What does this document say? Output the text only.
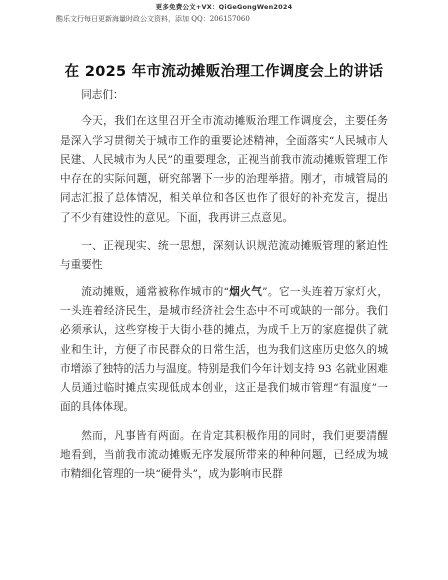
更多免费公文+VX：QiGeGongWen2024
酷乐文行每日更新海量时政公文资料，添加 QQ：206157060
在 2025 年市流动摊贩治理工作调度会上的讲话

同志们：

今天，我们在这里召开全市流动摊贩治理工作调度会，主要任务是深入学习贯彻关于城市工作的重要论述精神，全面落实“人民城市人民建、人民城市为人民”的重要理念，正视当前我市流动摊贩管理工作中存在的实际问题，研究部署下一步的治理举措。刚才，市城管局的同志汇报了总体情况，相关单位和各区也作了很好的补充发言，提出了不少有建设性的意见。下面，我再讲三点意见。

一、正视现实、统一思想，深刻认识规范流动摊贩管理的紧迫性与重要性

流动摊贩，通常被称作城市的“烟火气”。它一头连着万家灯火，一头连着经济民生，是城市经济社会生态中不可或缺的一部分。我们必须承认，这些穿梭于大街小巷的摊点，为成千上万的家庭提供了就业和生计，方便了市民群众的日常生活，也为我们这座历史悠久的城市增添了独特的活力与温度。特别是我们今年计划支持 93 名就业困难人员通过临时摊点实现低成本创业，这正是我们城市管理“有温度”一面的具体体现。

然而，凡事皆有两面。在肯定其积极作用的同时，我们更要清醒地看到，当前我市流动摊贩无序发展所带来的种种问题，已经成为城市精细化管理的一块“硬骨头”，成为影响市民群
